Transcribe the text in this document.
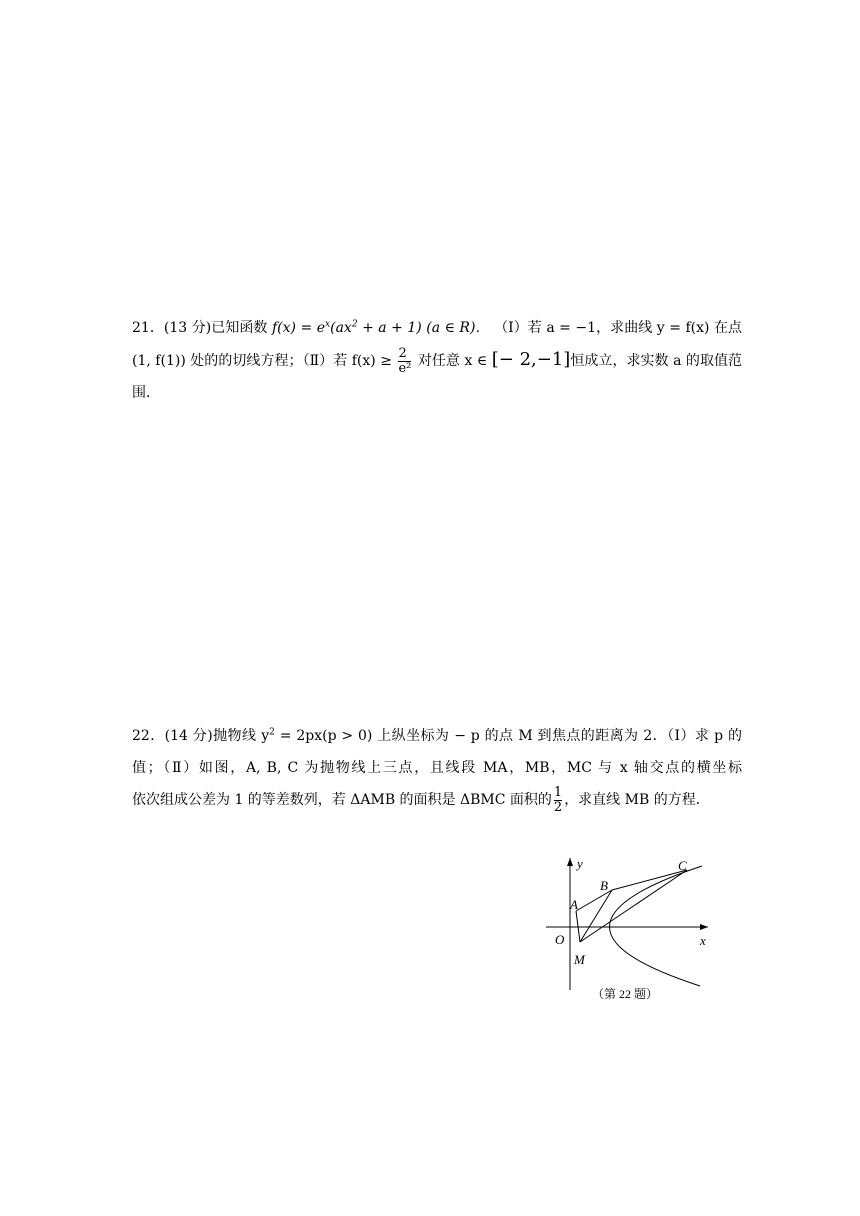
21．(13 分)已知函数 $f(x) = e^x(ax^2 + a + 1)$ (a ∈ R)． （Ⅰ）若 a = −1，求曲线 y = f(x) 在点
(1, f(1)) 处的的切线方程；（Ⅱ）若 $f(x) \ge \frac{2}{\text{e²}}$ 对任意 x ∈ [− 2,−1]恒成立，求实数 a 的取值范
围．
22．(14 分)抛物线 $y^2 = 2px(p > 0)$ 上纵坐标为 − p 的点 M 到焦点的距离为 2．（Ⅰ）求 p 的
值；（Ⅱ）如图，A, B, C 为抛物线上三点，且线段 MA，MB，MC 与 x 轴交点的横坐标
依次组成公差为 1 的等差数列，若 ΔAMB 的面积是 ΔBMC 面积的 $\frac{1}{2}$ ，求直线 MB 的方程．
y
x
O
A
B
C
M
（第 22 题）
